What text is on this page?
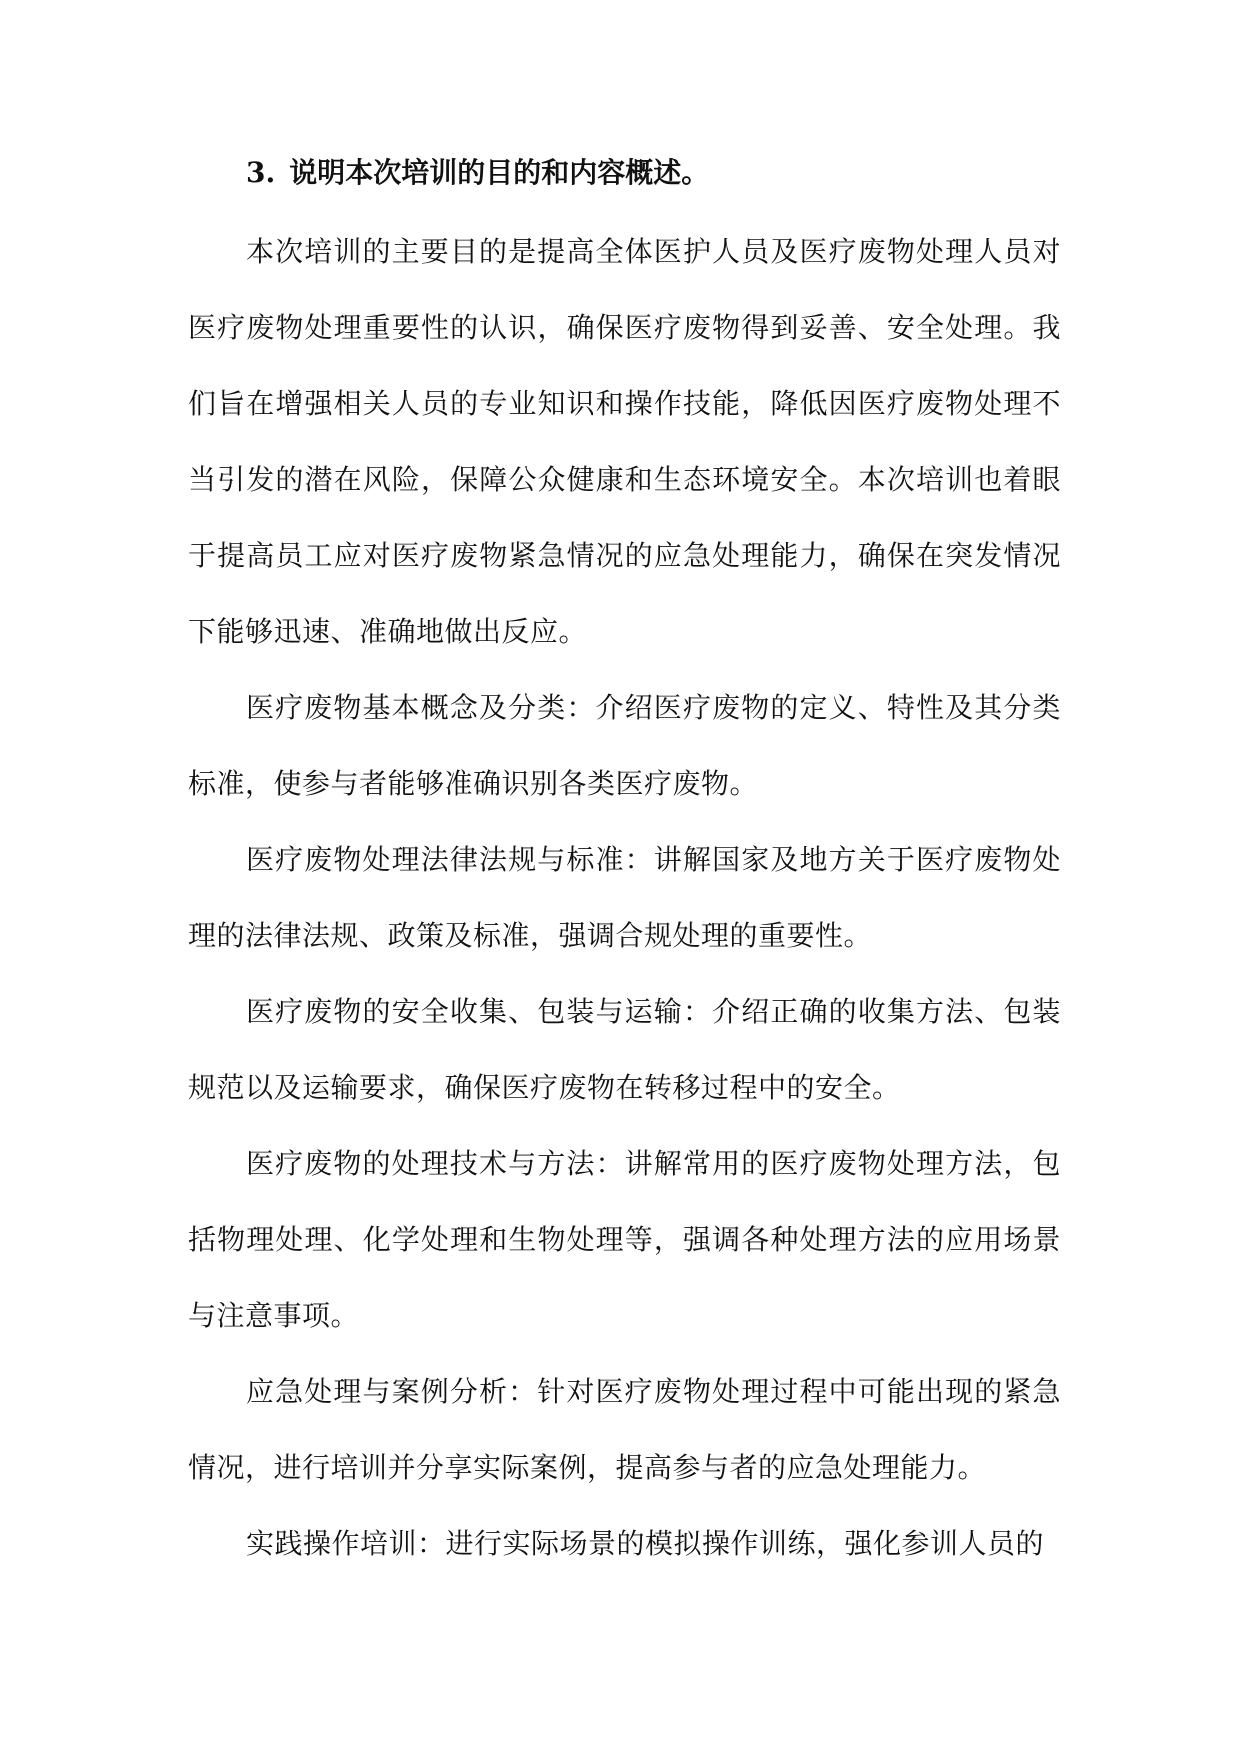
3. 说明本次培训的目的和内容概述。

本次培训的主要目的是提高全体医护人员及医疗废物处理人员对医疗废物处理重要性的认识，确保医疗废物得到妥善、安全处理。我们旨在增强相关人员的专业知识和操作技能，降低因医疗废物处理不当引发的潜在风险，保障公众健康和生态环境安全。本次培训也着眼于提高员工应对医疗废物紧急情况的应急处理能力，确保在突发情况下能够迅速、准确地做出反应。

医疗废物基本概念及分类：介绍医疗废物的定义、特性及其分类标准，使参与者能够准确识别各类医疗废物。

医疗废物处理法律法规与标准：讲解国家及地方关于医疗废物处理的法律法规、政策及标准，强调合规处理的重要性。

医疗废物的安全收集、包装与运输：介绍正确的收集方法、包装规范以及运输要求，确保医疗废物在转移过程中的安全。

医疗废物的处理技术与方法：讲解常用的医疗废物处理方法，包括物理处理、化学处理和生物处理等，强调各种处理方法的应用场景与注意事项。

应急处理与案例分析：针对医疗废物处理过程中可能出现的紧急情况，进行培训并分享实际案例，提高参与者的应急处理能力。

实践操作培训：进行实际场景的模拟操作训练，强化参训人员的
